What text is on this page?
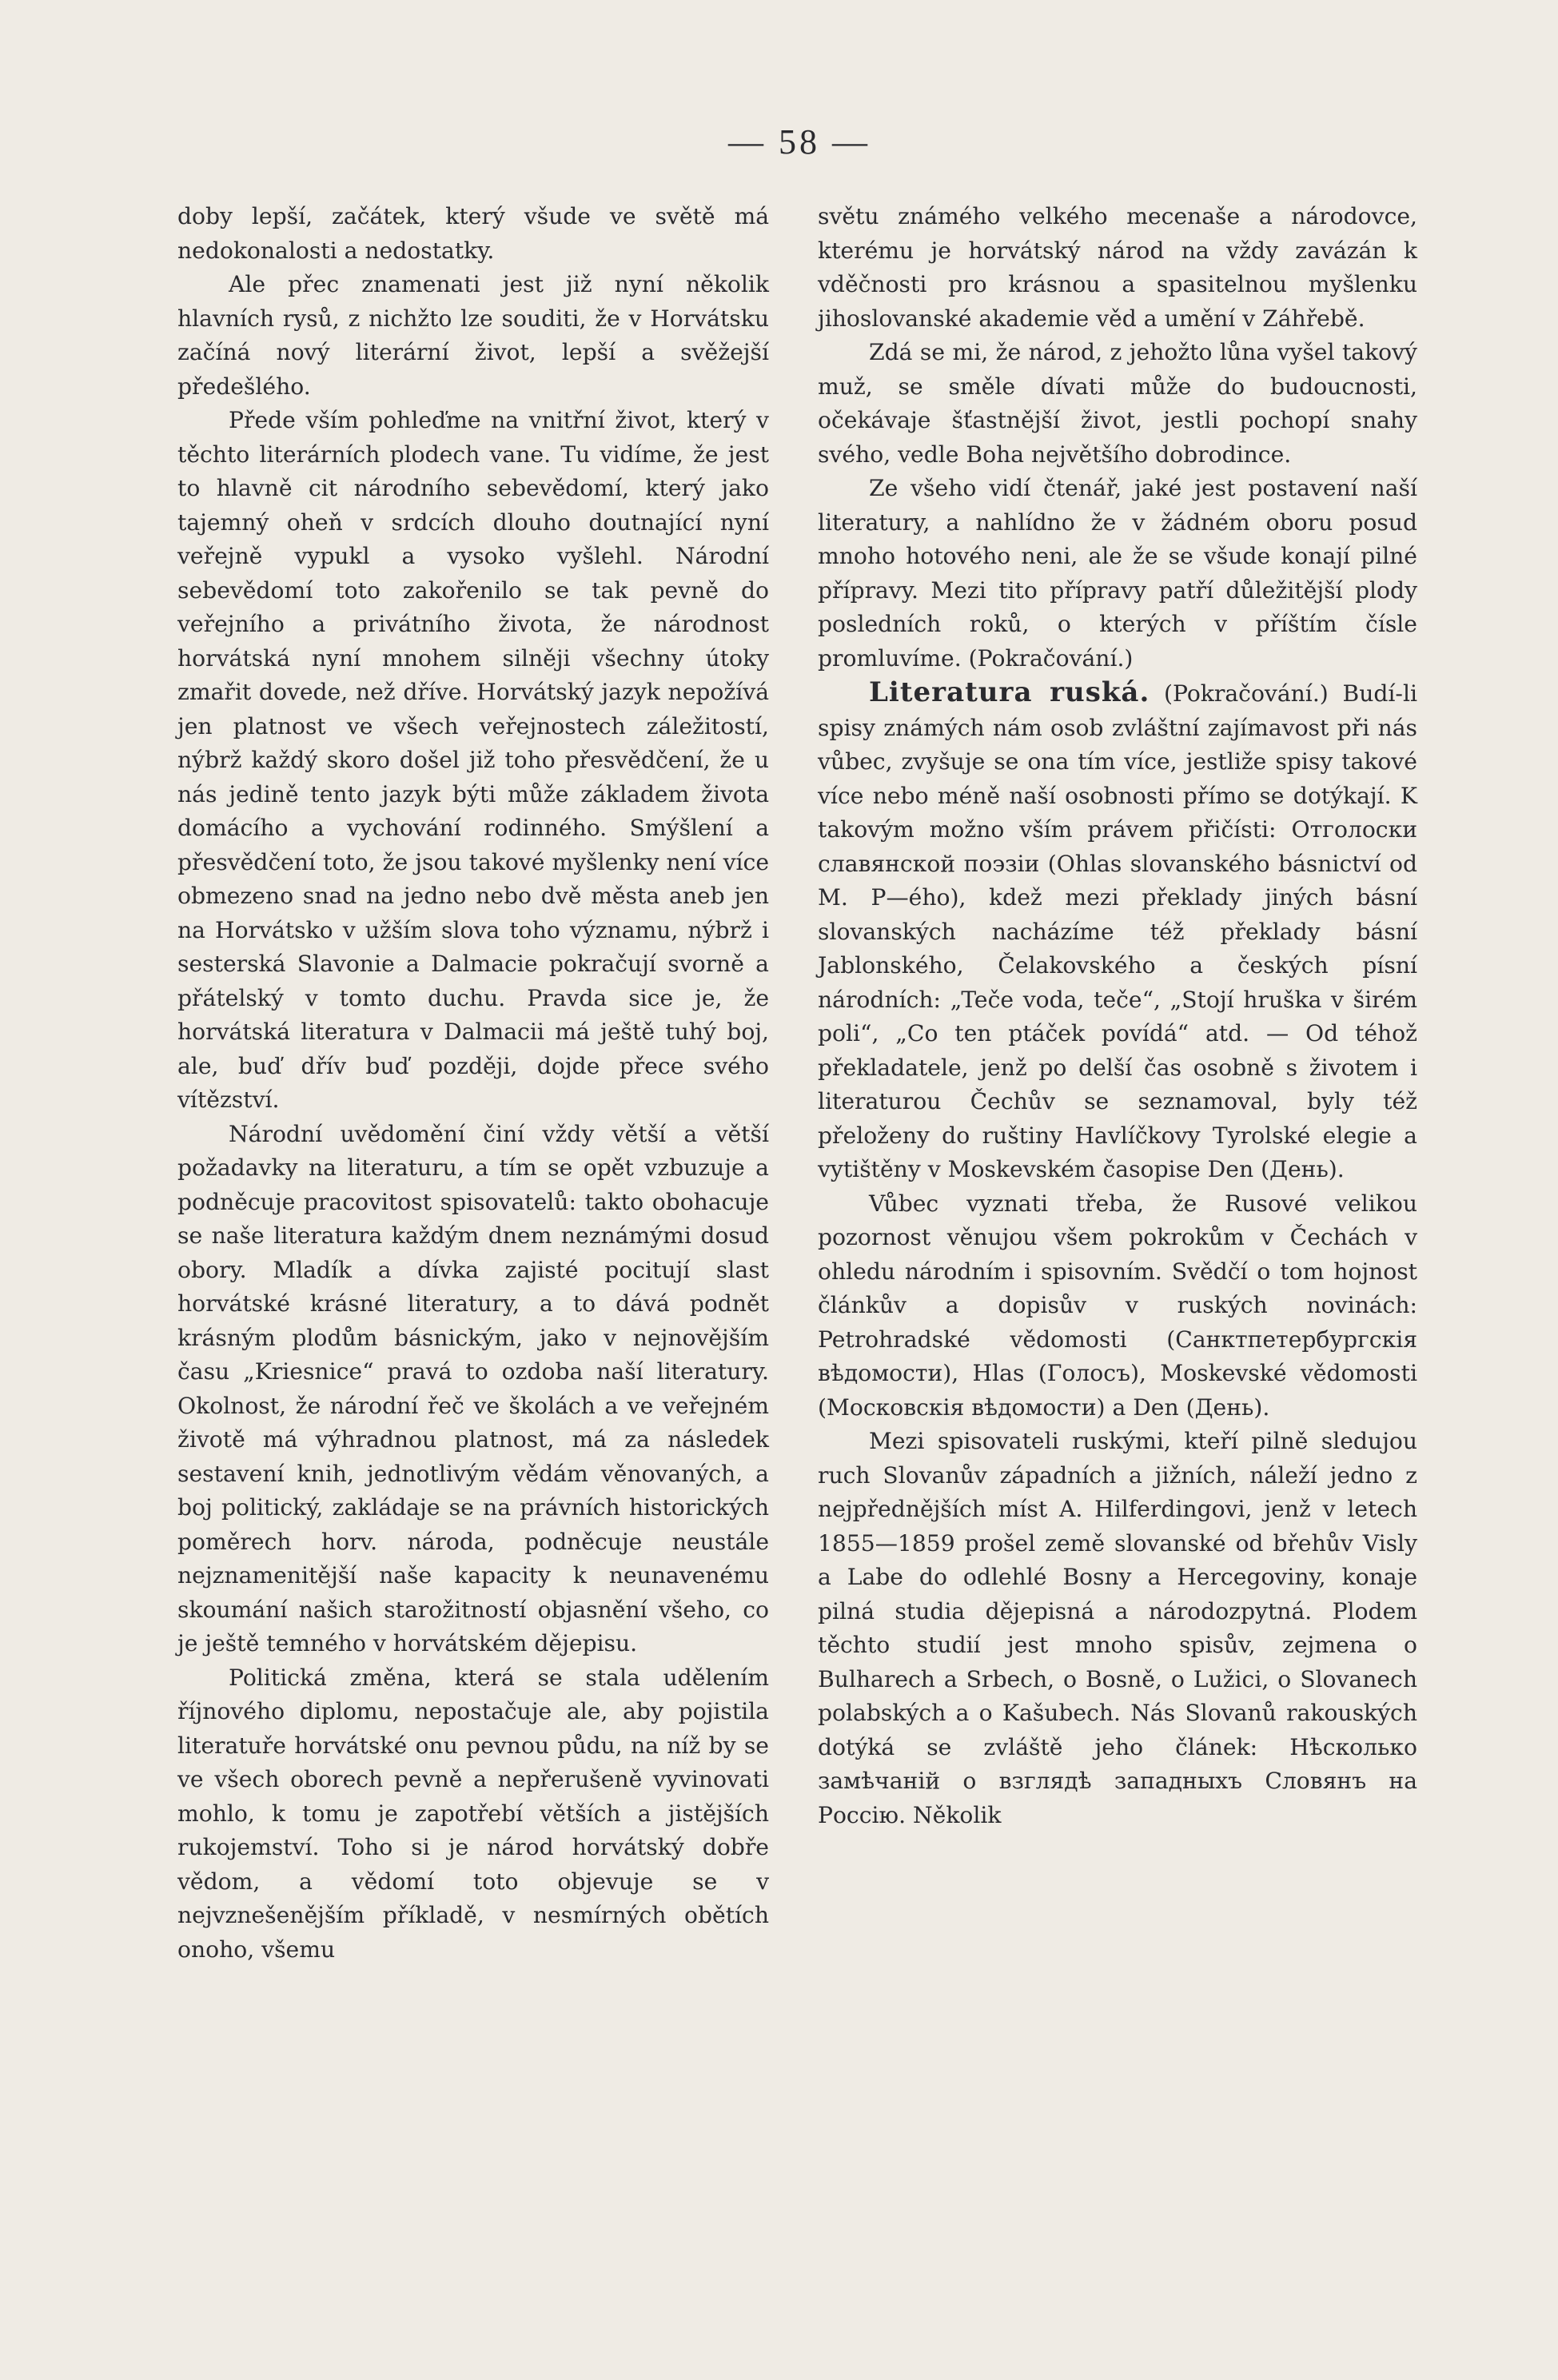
— 58 —

doby lepší, začátek, který všude ve světě má nedokonalosti a nedostatky.

Ale přec znamenati jest již nyní několik hlavních rysů, z nichžto lze souditi, že v Horvátsku začíná nový literární život, lepší a svěžejší předešlého.

Přede vším pohleďme na vnitřní život, který v těchto literárních plodech vane. Tu vidíme, že jest to hlavně cit národního sebevědomí, který jako tajemný oheň v srdcích dlouho doutnající nyní veřejně vypukl a vysoko vyšlehl. Národní sebevědomí toto zakořenilo se tak pevně do veřejního a privátního života, že národnost horvátská nyní mnohem silněji všechny útoky zmařit dovede, než dříve. Horvátský jazyk nepožívá jen platnost ve všech veřejnostech záležitostí, nýbrž každý skoro došel již toho přesvědčení, že u nás jedině tento jazyk býti může základem života domácího a vychování rodinného. Smýšlení a přesvědčení toto, že jsou takové myšlenky není více obmezeno snad na jedno nebo dvě města aneb jen na Horvátsko v užším slova toho významu, nýbrž i sesterská Slavonie a Dalmacie pokračují svorně a přátelský v tomto duchu. Pravda sice je, že horvátská literatura v Dalmacii má ještě tuhý boj, ale, buď dřív buď později, dojde přece svého vítězství.

Národní uvědomění činí vždy větší a větší požadavky na literaturu, a tím se opět vzbuzuje a podněcuje pracovitost spisovatelů: takto obohacuje se naše literatura každým dnem neznámými dosud obory. Mladík a dívka zajisté pocitují slast horvátské krásné literatury, a to dává podnět krásným plodům básnickým, jako v nejnovějším času „Kriesnice“ pravá to ozdoba naší literatury. Okolnost, že národní řeč ve školách a ve veřejném životě má výhradnou platnost, má za následek sestavení knih, jednotlivým vědám věnovaných, a boj politický, zakládaje se na právních historických poměrech horv. národa, podněcuje neustále nejznamenitější naše kapacity k neunavenému skoumání našich starožitností objasnění všeho, co je ještě temného v horvátském dějepisu.

Politická změna, která se stala udělením říjnového diplomu, nepostačuje ale, aby pojistila literatuře horvátské onu pevnou půdu, na níž by se ve všech oborech pevně a nepřerušeně vyvinovati mohlo, k tomu je zapotřebí větších a jistějších rukojemství. Toho si je národ horvátský dobře vědom, a vědomí toto objevuje se v nejvznešenějším příkladě, v nesmírných obětích onoho, všemu

světu známého velkého mecenaše a národovce, kterému je horvátský národ na vždy zavázán k vděčnosti pro krásnou a spasitelnou myšlenku jihoslovanské akademie věd a umění v Záhřebě.

Zdá se mi, že národ, z jehožto lůna vyšel takový muž, se směle dívati může do budoucnosti, očekávaje šťastnější život, jestli pochopí snahy svého, vedle Boha největšího dobrodince.

Ze všeho vidí čtenář, jaké jest postavení naší literatury, a nahlídno že v žádném oboru posud mnoho hotového neni, ale že se všude konají pilné přípravy. Mezi tito přípravy patří důležitější plody posledních roků, o kterých v příštím čísle promluvíme. (Pokračování.)

Literatura ruská. (Pokračování.) Budí-li spisy známých nám osob zvláštní zajímavost při nás vůbec, zvyšuje se ona tím více, jestliže spisy takové více nebo méně naší osobnosti přímo se dotýkají. K takovým možno vším právem přičísti: Отголоски славянской поэзіи (Ohlas slovanského básnictví od M. P—ého), kdež mezi překlady jiných básní slovanských nacházíme též překlady básní Jablonského, Čelakovského a českých písní národních: „Teče voda, teče“, „Stojí hruška v širém poli“, „Co ten ptáček povídá“ atd. — Od téhož překladatele, jenž po delší čas osobně s životem i literaturou Čechův se seznamoval, byly též přeloženy do ruštiny Havlíčkovy Tyrolské elegie a vytištěny v Moskevském časopise Den (День).

Vůbec vyznati třeba, že Rusové velikou pozornost věnujou všem pokrokům v Čechách v ohledu národním i spisovním. Svědčí o tom hojnost článkův a dopisův v ruských novinách: Petrohradské vědomosti (Санктпетербургскія вѣдомости), Hlas (Голосъ), Moskevské vědomosti (Московскія вѣдомости) a Den (День).

Mezi spisovateli ruskými, kteří pilně sledujou ruch Slovanův západních a jižních, náleží jedno z nejpřednějších míst A. Hilferdingovi, jenž v letech 1855—1859 prošel země slovanské od břehův Visly a Labe do odlehlé Bosny a Hercegoviny, konaje pilná studia dějepisná a národozpytná. Plodem těchto studií jest mnoho spisův, zejmena o Bulharech a Srbech, o Bosně, o Lužici, o Slovanech polabských a o Kašubech. Nás Slovanů rakouských dotýká se zvláště jeho článek: Нѣсколько замѣчаній о взглядѣ западныхъ Словянъ на Россію. Několik
